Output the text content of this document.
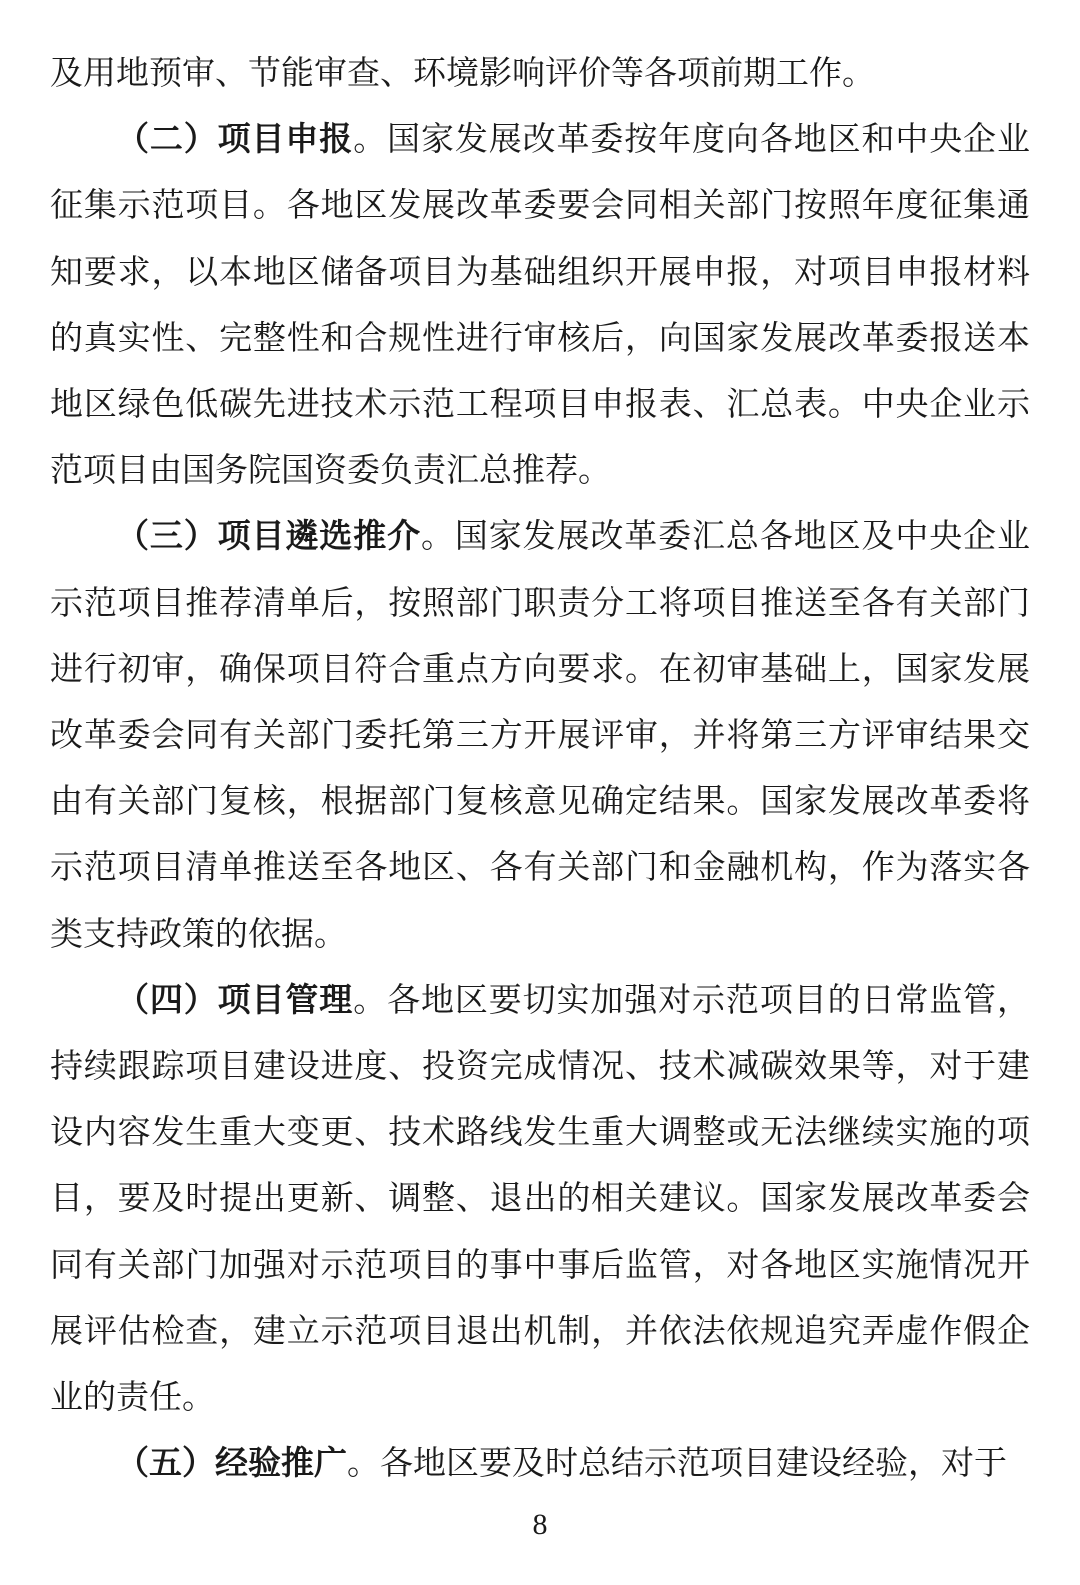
及用地预审、节能审查、环境影响评价等各项前期工作。

（二）项目申报。国家发展改革委按年度向各地区和中央企业征集示范项目。各地区发展改革委要会同相关部门按照年度征集通知要求，以本地区储备项目为基础组织开展申报，对项目申报材料的真实性、完整性和合规性进行审核后，向国家发展改革委报送本地区绿色低碳先进技术示范工程项目申报表、汇总表。中央企业示范项目由国务院国资委负责汇总推荐。

（三）项目遴选推介。国家发展改革委汇总各地区及中央企业示范项目推荐清单后，按照部门职责分工将项目推送至各有关部门进行初审，确保项目符合重点方向要求。在初审基础上，国家发展改革委会同有关部门委托第三方开展评审，并将第三方评审结果交由有关部门复核，根据部门复核意见确定结果。国家发展改革委将示范项目清单推送至各地区、各有关部门和金融机构，作为落实各类支持政策的依据。

（四）项目管理。各地区要切实加强对示范项目的日常监管，持续跟踪项目建设进度、投资完成情况、技术减碳效果等，对于建设内容发生重大变更、技术路线发生重大调整或无法继续实施的项目，要及时提出更新、调整、退出的相关建议。国家发展改革委会同有关部门加强对示范项目的事中事后监管，对各地区实施情况开展评估检查，建立示范项目退出机制，并依法依规追究弄虚作假企业的责任。

（五）经验推广。各地区要及时总结示范项目建设经验，对于

8
